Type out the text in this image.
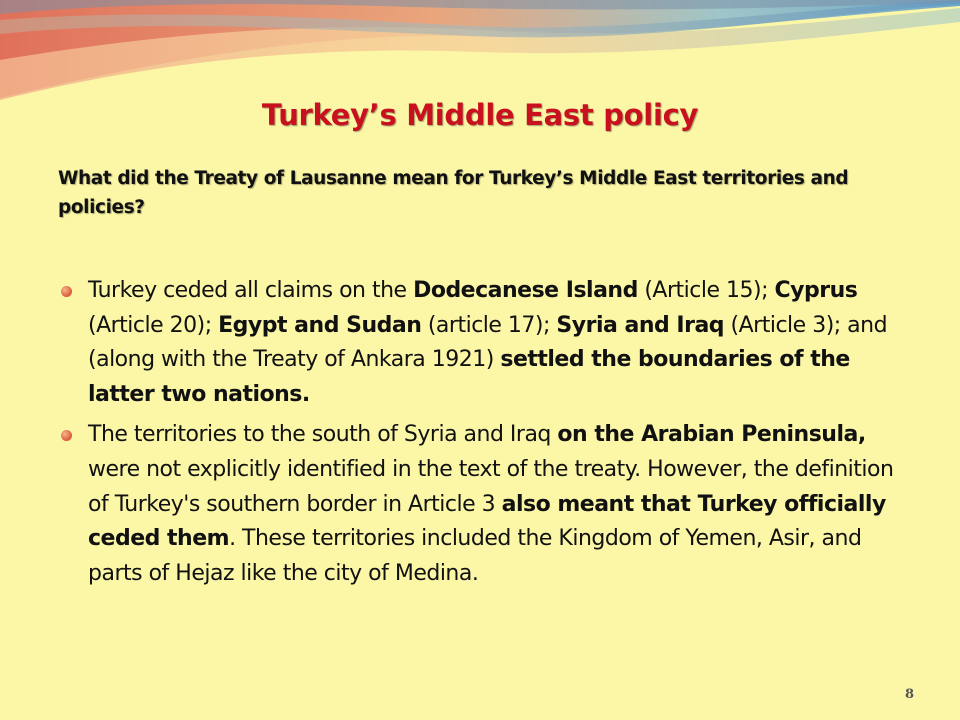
Turkey’s Middle East policy
What did the Treaty of Lausanne mean for Turkey’s Middle East territories and policies?
Turkey ceded all claims on the Dodecanese Island (Article 15); Cyprus (Article 20); Egypt and Sudan (article 17); Syria and Iraq (Article 3); and (along with the Treaty of Ankara 1921) settled the boundaries of the latter two nations.
The territories to the south of Syria and Iraq on the Arabian Peninsula, were not explicitly identified in the text of the treaty. However, the definition of Turkey's southern border in Article 3 also meant that Turkey officially ceded them. These territories included the Kingdom of Yemen, Asir, and parts of Hejaz like the city of Medina.
8
